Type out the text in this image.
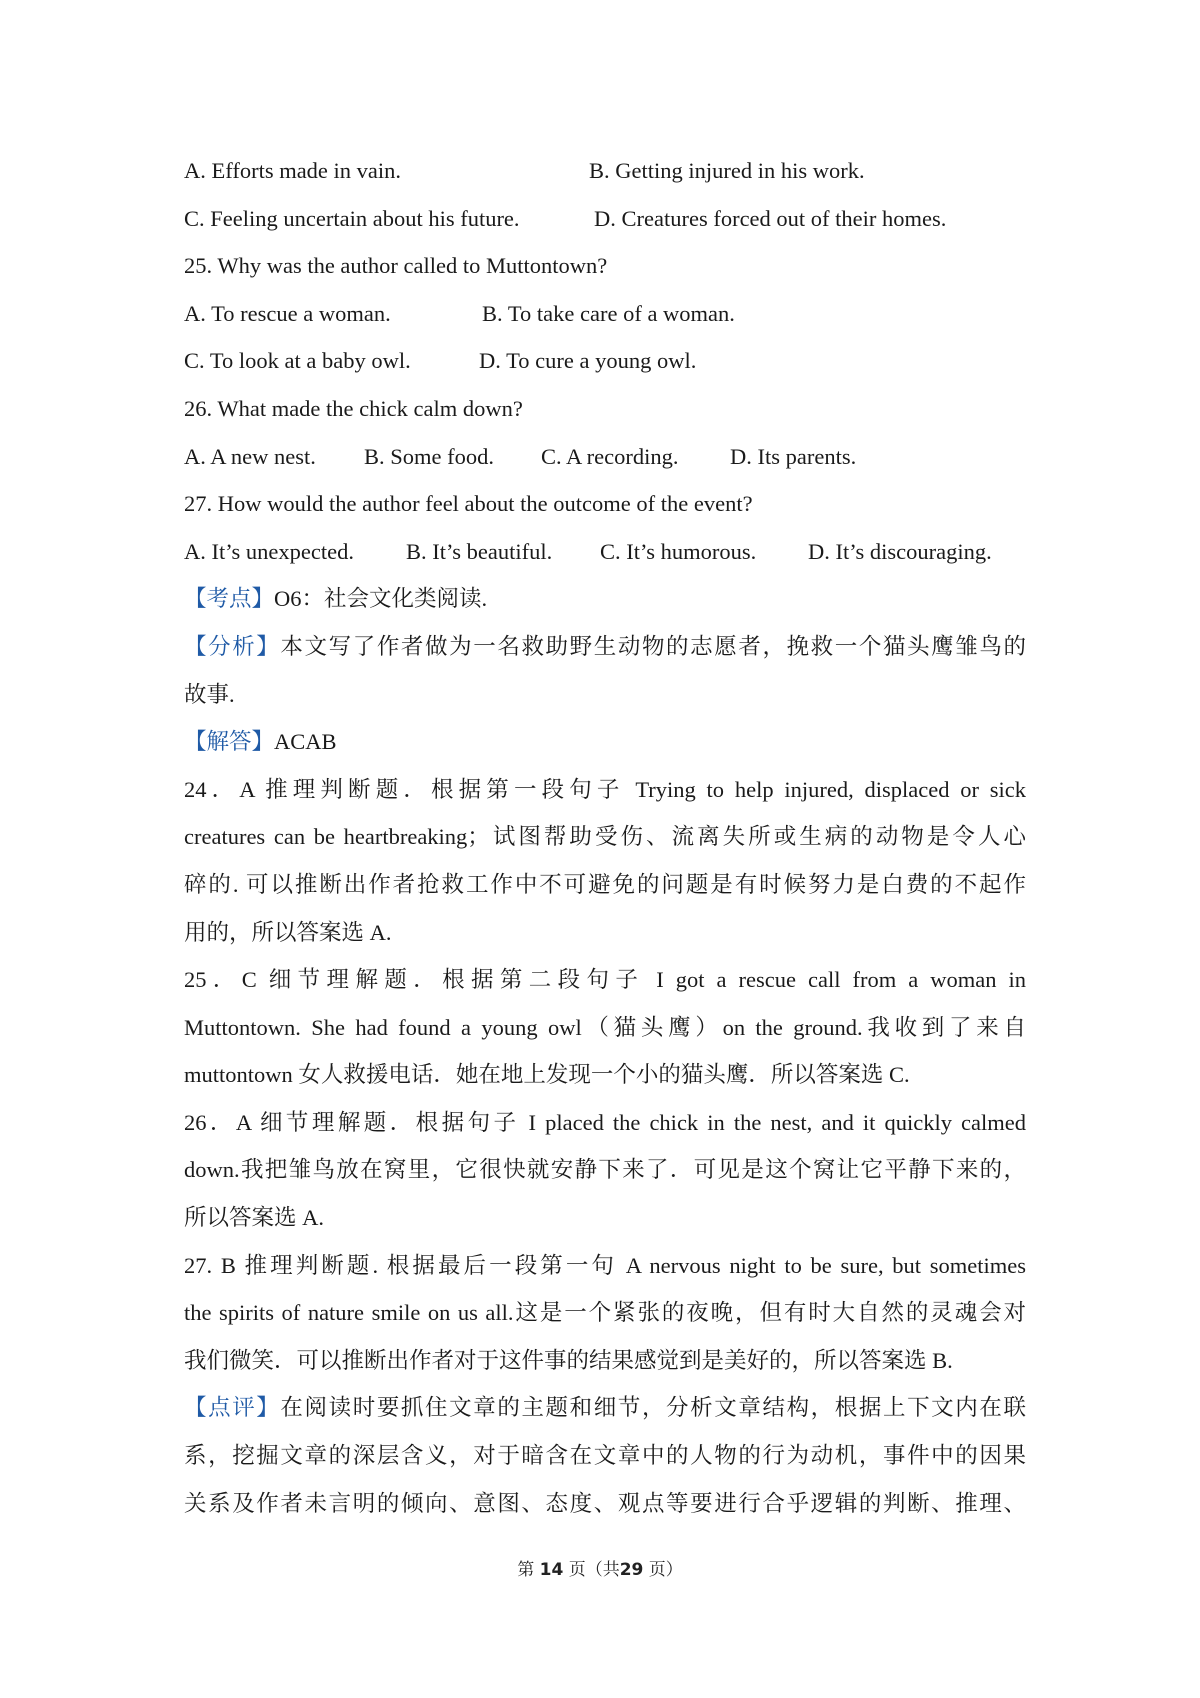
A. Efforts made in vain.	B. Getting injured in his work.
C. Feeling uncertain about his future.	D. Creatures forced out of their homes.
25. Why was the author called to Muttontown?
A. To rescue a woman.	B. To take care of a woman.
C. To look at a baby owl.	D. To cure a young owl.
26. What made the chick calm down?
A. A new nest. B. Some food. C. A recording. D. Its parents.
27. How would the author feel about the outcome of the event?
A. It’s unexpected. B. It’s beautiful. C. It’s humorous. D. It’s discouraging.
【考点】O6：社会文化类阅读.
【分析】本文写了作者做为一名救助野生动物的志愿者，挽救一个猫头鹰雏鸟的
故事.
【解答】ACAB
24．A 推理判断题．根据第一段句子 Trying to help injured, displaced or sick
creatures can be heartbreaking；试图帮助受伤、流离失所或生病的动物是令人心
碎的. 可以推断出作者抢救工作中不可避免的问题是有时候努力是白费的不起作
用的，所以答案选 A.
25．C 细节理解题．根据第二段句子 I got a rescue call from a woman in
Muttontown. She had found a young owl（猫头鹰）on the ground.我收到了来自
muttontown 女人救援电话．她在地上发现一个小的猫头鹰．所以答案选 C.
26．A 细节理解题．根据句子 I placed the chick in the nest, and it quickly calmed
down.我把雏鸟放在窝里，它很快就安静下来了．可见是这个窝让它平静下来的，
所以答案选 A.
27. B 推理判断题. 根据最后一段第一句 A nervous night to be sure, but sometimes
the spirits of nature smile on us all.这是一个紧张的夜晚，但有时大自然的灵魂会对
我们微笑．可以推断出作者对于这件事的结果感觉到是美好的，所以答案选 B.
【点评】在阅读时要抓住文章的主题和细节，分析文章结构，根据上下文内在联
系，挖掘文章的深层含义，对于暗含在文章中的人物的行为动机，事件中的因果
关系及作者未言明的倾向、意图、态度、观点等要进行合乎逻辑的判断、推理、
第 14 页（共29 页）
